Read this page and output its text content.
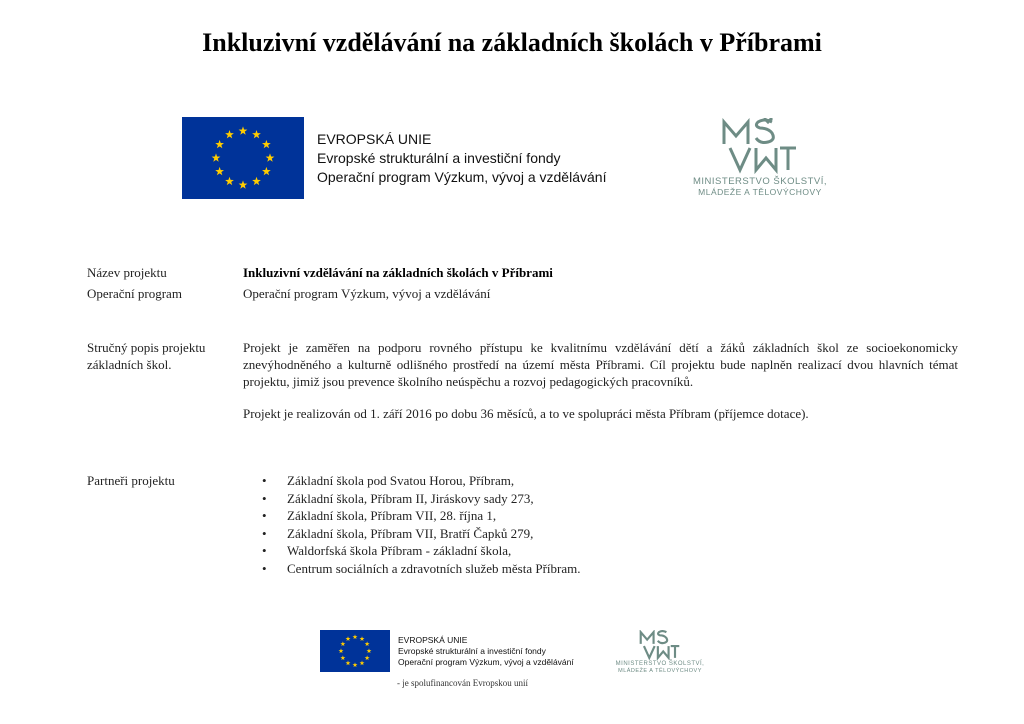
Inkluzivní vzdělávání na základních školách v Příbrami
EVROPSKÁ UNIE
Evropské strukturální a investiční fondy
Operační program Výzkum, vývoj a vzdělávání	MINISTERSTVO ŠKOLSTVÍ,
MLÁDEŽE A TĚLOVÝCHOVY
Název projektu	Inkluzivní vzdělávání na základních školách v Příbrami
Operační program	Operační program Výzkum, vývoj a vzdělávání
Stručný popis projektu
základních škol.
Projekt je zaměřen na podporu rovného přístupu ke kvalitnímu vzdělávání dětí a žáků základních škol ze socioekonomicky znevýhodněného a kulturně odlišného prostředí na území města Příbrami. Cíl projektu bude naplněn realizací dvou hlavních témat projektu, jimiž jsou prevence školního neúspěchu a rozvoj pedagogických pracovníků.
Projekt je realizován od 1. září 2016 po dobu 36 měsíců, a to ve spolupráci města Příbram (příjemce dotace).
Partneři projektu
•	Základní škola pod Svatou Horou, Příbram,
• Základní škola, Příbram II, Jiráskovy sady 273,
• Základní škola, Příbram VII, 28. října 1,
• Základní škola, Příbram VII, Bratří Čapků 279,
• Waldorfská škola Příbram - základní škola,
• Centrum sociálních a zdravotních služeb města Příbram.
EVROPSKÁ UNIE
Evropské strukturální a investiční fondy
Operační program Výzkum, vývoj a vzdělávání	MINISTERSTVO ŠKOLSTVÍ,
MLÁDEŽE A TĚLOVÝCHOVY
- je spolufinancován Evropskou unií
